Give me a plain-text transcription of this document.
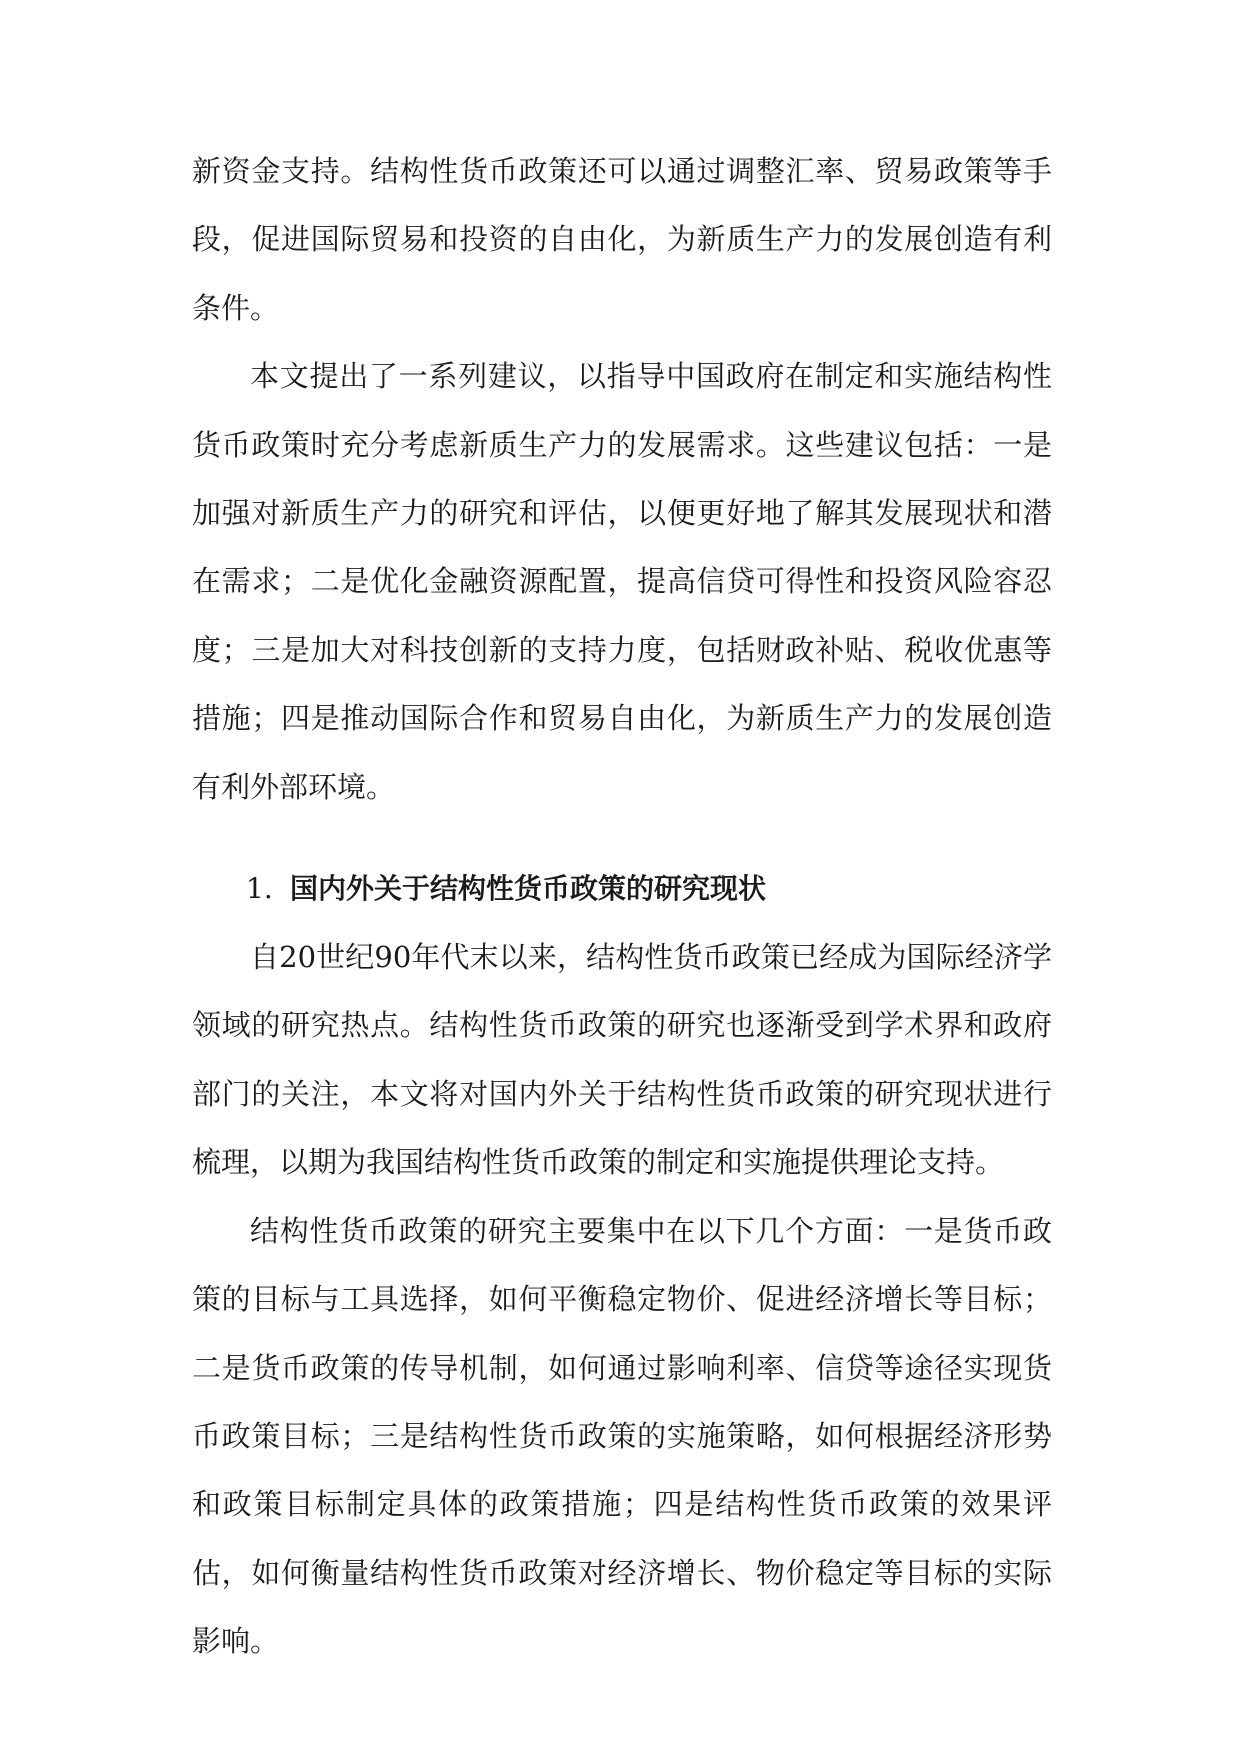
新资金支持。结构性货币政策还可以通过调整汇率、贸易政策等手段，促进国际贸易和投资的自由化，为新质生产力的发展创造有利条件。

本文提出了一系列建议，以指导中国政府在制定和实施结构性货币政策时充分考虑新质生产力的发展需求。这些建议包括：一是加强对新质生产力的研究和评估，以便更好地了解其发展现状和潜在需求；二是优化金融资源配置，提高信贷可得性和投资风险容忍度；三是加大对科技创新的支持力度，包括财政补贴、税收优惠等措施；四是推动国际合作和贸易自由化，为新质生产力的发展创造有利外部环境。

1. 国内外关于结构性货币政策的研究现状

自20世纪90年代末以来，结构性货币政策已经成为国际经济学领域的研究热点。结构性货币政策的研究也逐渐受到学术界和政府部门的关注，本文将对国内外关于结构性货币政策的研究现状进行梳理，以期为我国结构性货币政策的制定和实施提供理论支持。

结构性货币政策的研究主要集中在以下几个方面：一是货币政策的目标与工具选择，如何平衡稳定物价、促进经济增长等目标；二是货币政策的传导机制，如何通过影响利率、信贷等途径实现货币政策目标；三是结构性货币政策的实施策略，如何根据经济形势和政策目标制定具体的政策措施；四是结构性货币政策的效果评估，如何衡量结构性货币政策对经济增长、物价稳定等目标的实际影响。
